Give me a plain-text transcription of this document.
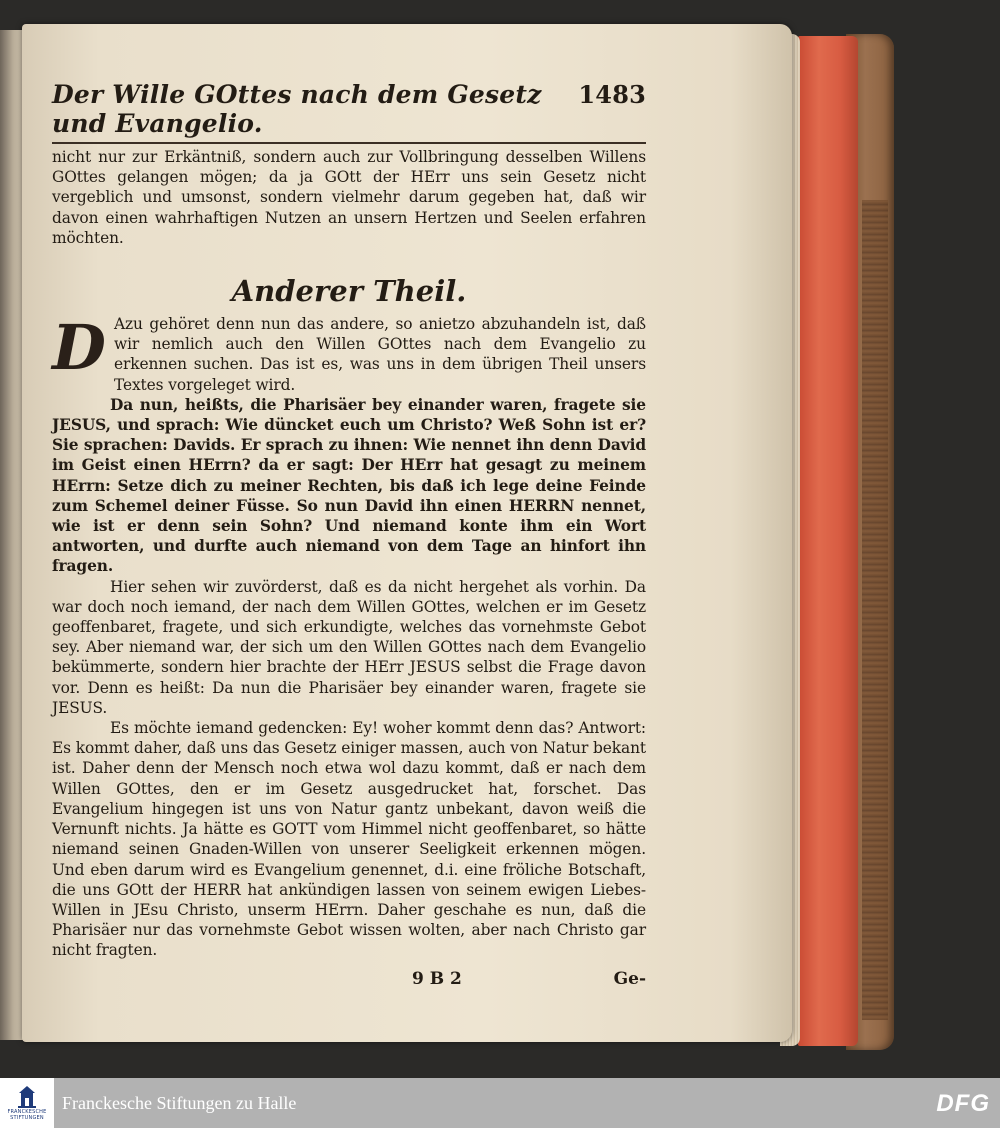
Der Wille GOttes nach dem Gesetz und Evangelio.
1483

nicht nur zur Erkäntniß, sondern auch zur Vollbringung desselben Willens GOttes gelangen mögen; da ja GOtt der HErr uns sein Gesetz nicht vergeblich und umsonst, sondern vielmehr darum gegeben hat, daß wir davon einen wahrhaftigen Nutzen an unsern Hertzen und Seelen erfahren möchten.

Anderer Theil.
D Azu gehöret denn nun das andere, so anietzo abzuhandeln ist, daß wir nemlich auch den Willen GOttes nach dem Evangelio zu erkennen suchen. Das ist es, was uns in dem übrigen Theil unsers Textes vorgeleget wird.

Da nun, heißts, die Pharisäer bey einander waren, fragete sie JESUS, und sprach: Wie düncket euch um Christo? Weß Sohn ist er? Sie sprachen: Davids. Er sprach zu ihnen: Wie nennet ihn denn David im Geist einen HErrn? da er sagt: Der HErr hat gesagt zu meinem HErrn: Setze dich zu meiner Rechten, bis daß ich lege deine Feinde zum Schemel deiner Füsse. So nun David ihn einen HERRN nennet, wie ist er denn sein Sohn? Und niemand konte ihm ein Wort antworten, und durfte auch niemand von dem Tage an hinfort ihn fragen.

Hier sehen wir zuvörderst, daß es da nicht hergehet als vorhin. Da war doch noch iemand, der nach dem Willen GOttes, welchen er im Gesetz geoffenbaret, fragete, und sich erkundigte, welches das vornehmste Gebot sey. Aber niemand war, der sich um den Willen GOttes nach dem Evangelio bekümmerte, sondern hier brachte der HErr JESUS selbst die Frage davon vor. Denn es heißt: Da nun die Pharisäer bey einander waren, fragete sie JESUS.

Es möchte iemand gedencken: Ey! woher kommt denn das? Antwort: Es kommt daher, daß uns das Gesetz einiger massen, auch von Natur bekant ist. Daher denn der Mensch noch etwa wol dazu kommt, daß er nach dem Willen GOttes, den er im Gesetz ausgedrucket hat, forschet. Das Evangelium hingegen ist uns von Natur gantz unbekant, davon weiß die Vernunft nichts. Ja hätte es GOTT vom Himmel nicht geoffenbaret, so hätte niemand seinen Gnaden-Willen von unserer Seeligkeit erkennen mögen. Und eben darum wird es Evangelium genennet, d.i. eine fröliche Botschaft, die uns GOtt der HERR hat ankündigen lassen von seinem ewigen Liebes-Willen in JEsu Christo, unserm HErrn. Daher geschahe es nun, daß die Pharisäer nur das vornehmste Gebot wissen wolten, aber nach Christo gar nicht fragten.

9 B 2	Ge-
FRANCKESCHE STIFTUNGEN
Franckesche Stiftungen zu Halle	DFG
